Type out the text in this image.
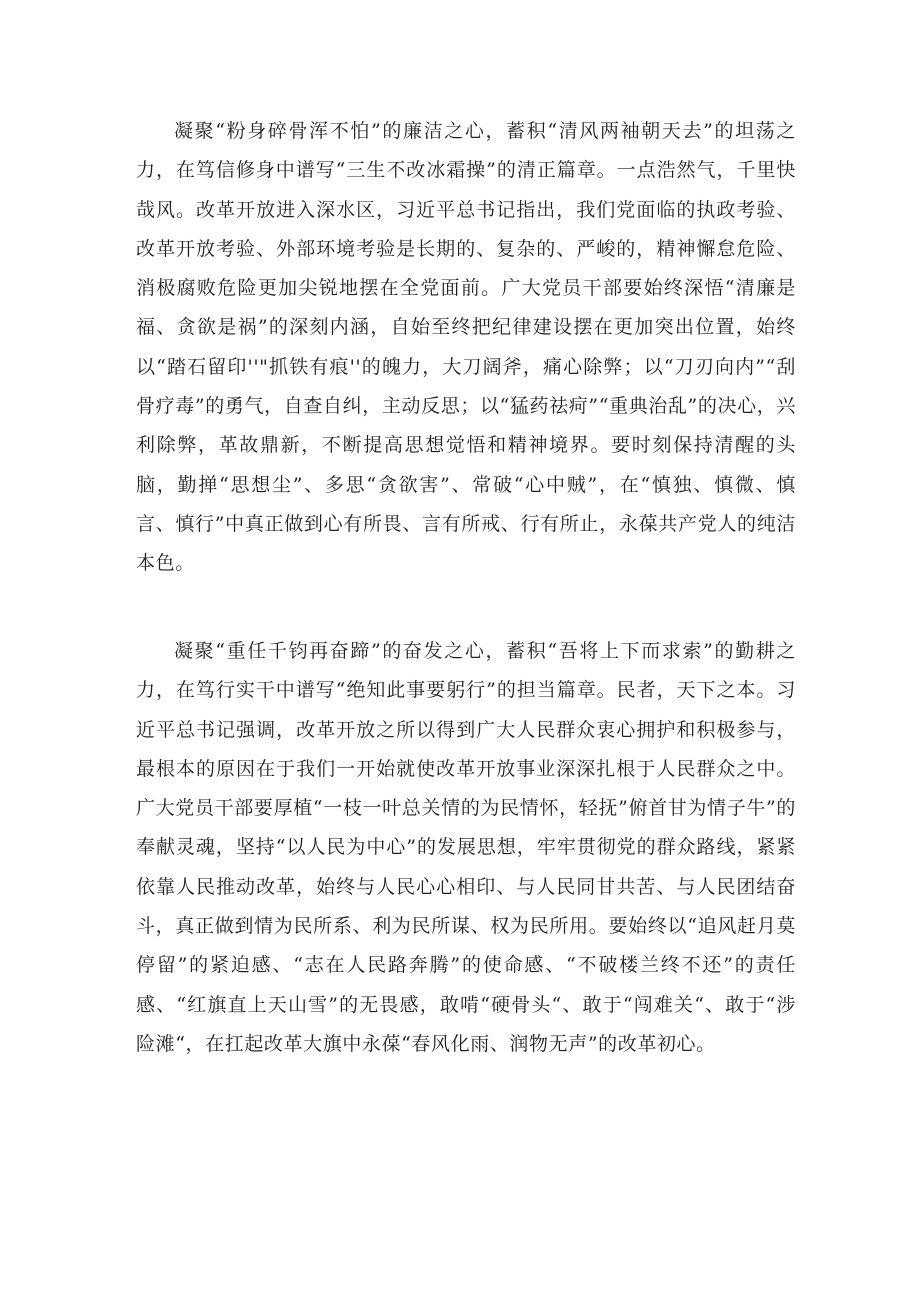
凝聚“粉身碎骨浑不怕”的廉洁之心，蓄积“清风两袖朝天去”的坦荡之力，在笃信修身中谱写“三生不改冰霜操”的清正篇章。一点浩然气，千里快哉风。改革开放进入深水区，习近平总书记指出，我们党面临的执政考验、改革开放考验、外部环境考验是长期的、复杂的、严峻的，精神懈怠危险、消极腐败危险更加尖锐地摆在全党面前。广大党员干部要始终深悟“清廉是福、贪欲是祸”的深刻内涵，自始至终把纪律建设摆在更加突出位置，始终以“踏石留印''"抓铁有痕''的魄力，大刀阔斧，痛心除弊；以“刀刃向内”“刮骨疗毒”的勇气，自查自纠，主动反思；以“猛药祛疴”“重典治乱”的决心，兴利除弊，革故鼎新，不断提高思想觉悟和精神境界。要时刻保持清醒的头脑，勤掸“思想尘”、多思“贪欲害”、常破“心中贼”，在“慎独、慎微、慎言、慎行”中真正做到心有所畏、言有所戒、行有所止，永葆共产党人的纯洁本色。

凝聚“重任千钧再奋蹄”的奋发之心，蓄积“吾将上下而求索”的勤耕之力，在笃行实干中谱写“绝知此事要躬行”的担当篇章。民者，天下之本。习近平总书记强调，改革开放之所以得到广大人民群众衷心拥护和积极参与，最根本的原因在于我们一开始就使改革开放事业深深扎根于人民群众之中。广大党员干部要厚植“一枝一叶总关情的为民情怀，轻抚”俯首甘为情子牛”的奉献灵魂，坚持“以人民为中心”的发展思想，牢牢贯彻党的群众路线，紧紧依靠人民推动改革，始终与人民心心相印、与人民同甘共苦、与人民团结奋斗，真正做到情为民所系、利为民所谋、权为民所用。要始终以“追风赶月莫停留”的紧迫感、“志在人民路奔腾”的使命感、“不破楼兰终不还”的责任感、“红旗直上天山雪”的无畏感，敢啃“硬骨头“、敢于“闯难关“、敢于“涉险滩“，在扛起改革大旗中永葆“春风化雨、润物无声”的改革初心。
